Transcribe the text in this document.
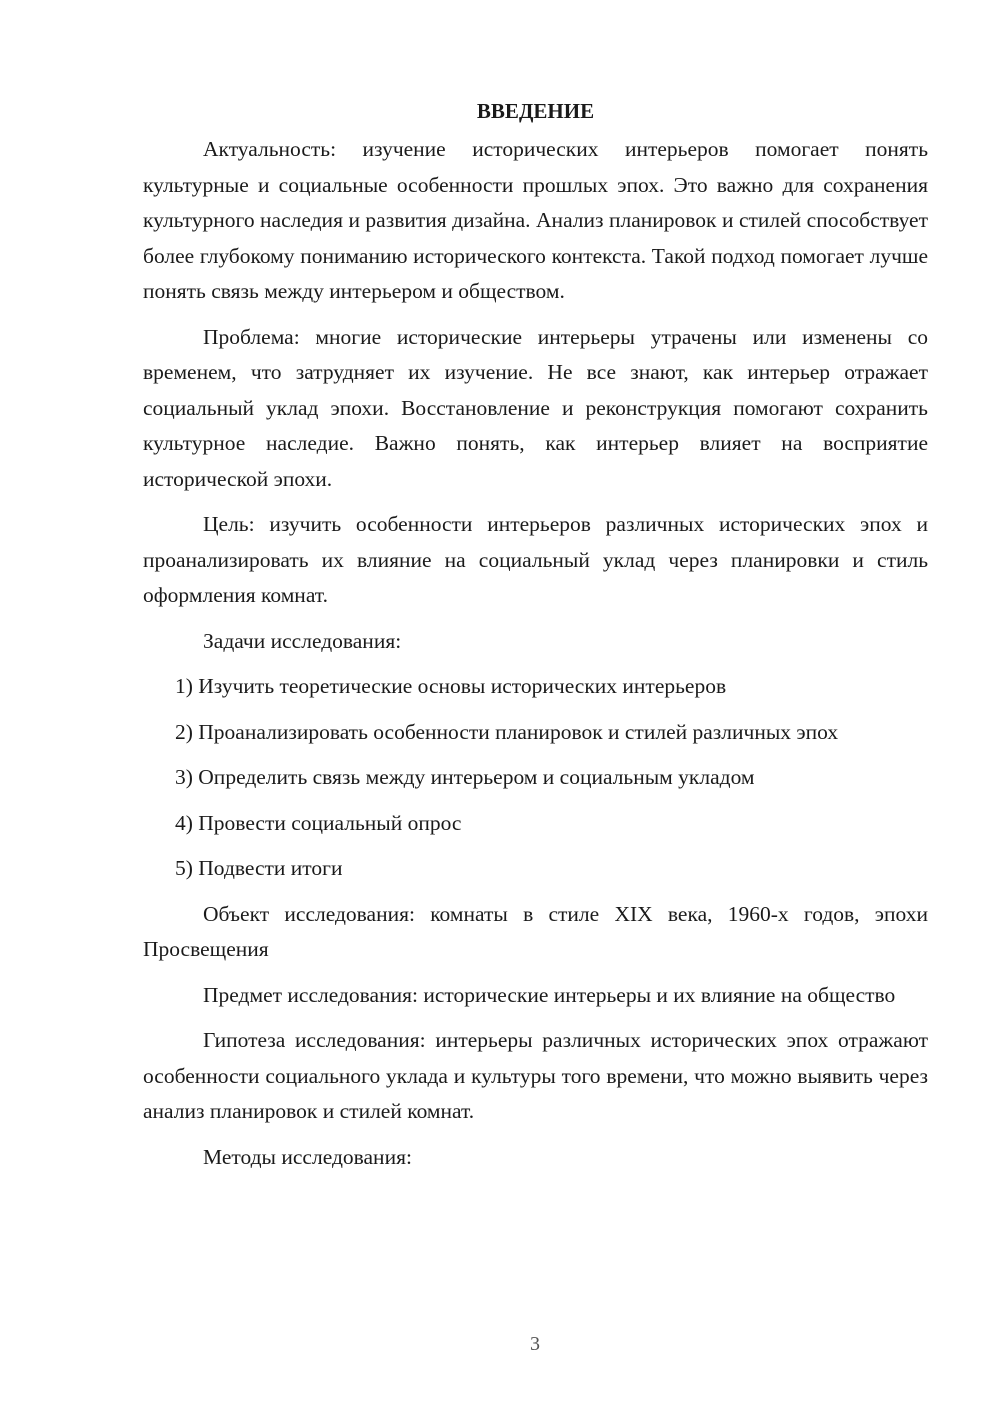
ВВЕДЕНИЕ

Актуальность: изучение исторических интерьеров помогает понять культурные и социальные особенности прошлых эпох. Это важно для сохранения культурного наследия и развития дизайна. Анализ планировок и стилей способствует более глубокому пониманию исторического контекста. Такой подход помогает лучше понять связь между интерьером и обществом.

Проблема: многие исторические интерьеры утрачены или изменены со временем, что затрудняет их изучение. Не все знают, как интерьер отражает социальный уклад эпохи. Восстановление и реконструкция помогают сохранить культурное наследие. Важно понять, как интерьер влияет на восприятие исторической эпохи.

Цель: изучить особенности интерьеров различных исторических эпох и проанализировать их влияние на социальный уклад через планировки и стиль оформления комнат.

Задачи исследования:

1) Изучить теоретические основы исторических интерьеров

2) Проанализировать особенности планировок и стилей различных эпох

3) Определить связь между интерьером и социальным укладом

4) Провести социальный опрос

5) Подвести итоги

Объект исследования: комнаты в стиле XIX века, 1960-х годов, эпохи Просвещения

Предмет исследования: исторические интерьеры и их влияние на общество

Гипотеза исследования: интерьеры различных исторических эпох отражают особенности социального уклада и культуры того времени, что можно выявить через анализ планировок и стилей комнат.

Методы исследования:

3
